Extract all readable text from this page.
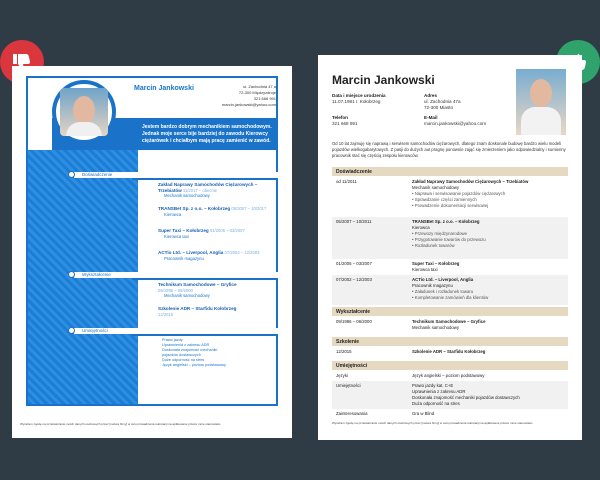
Marcin Jankowski	ul. Zachodnia 47 a
72-300 Międzyzdroje
321 668 991
marcin.jankowski@yahoo.com
Jestem bardzo dobrym mechanikiem samochodowym. Jednak moje serce bije bardziej do zawodu Kierowcy ciężarówek i chciałbym mają pracę zamienić w zawód.
Doświadczenie
Zakład Naprawy Samochodów Ciężarowych – Trzebiatów 11/2017 – obecnie
Mechanik samochodowy
TRANSBet Sp. z o.o. – Kołobrzeg 05/2007 – 10/2017
Kierowca
Super Taxi – Kołobrzeg 01/2005 – 03/2007
Kierowca taxi
ACTio Ltd. – Liverpool, Anglia 07/2002 – 12/2003
Pracownik magazynu
Wykształcenie
Technikum Samochodowe – Gryfice
09/1996 – 06/2000
Mechanik samochodowy
Szkolenie ADR – Starfidu Kołobrzeg
12/2015
Umiejętności
Prawo jazdy
Uprawnienia z zakresu ADR
Doskonała znajomość mechaniki
pojazdów dostawczych
Duże odporność na stres
Język angielski – poziom podstawowy
Wyrażam zgodę na przetwarzanie moich danych osobowych przez [nazwa firmy] w celu prowadzenia rekrutacji na aplikowane przeze mnie stanowisko.
Marcin Jankowski
Data i miejsce urodzenia
11.07.1981 r. Kołobrzeg
Adres
ul. Zachodnia 47a
72-300 Miasto
Telefon
321 668 991
E-Mail
marcin.jankowski@yahoo.com
Od 10 lat zajmuję się naprawą i serwisem samochodów ciężarowych, dlatego znam doskonale budowę bardzo wielu modeli pojazdów wielkogabarytowych. Z pasji do dużych aut pragnę ponownie zająć się zmierzeniem jako odpowiedzialny i sumienny pracownik stać się częścią zespołu kierowców.
Doświadczenie
od 11/2011	Zakład Naprawy Samochodów Ciężarowych – Trzebiatów
Mechanik samochodowy
• Naprawa i serwisowanie pojazdów ciężarowych
• Sprawdzanie części zamiennych
• Prowadzenie dokumentacji serwisowej
05/2007 – 10/2011	TRANSBet Sp. z o.o. – Kołobrzeg
Kierowca
• Przewozy międzynarodowe
• Przygotowanie towarów do przewozu
• Rozładunek towarów
01/2005 – 03/2007	Super Taxi – Kołobrzeg
Kierowca taxi
07/2002 – 12/2003	ACTio Ltd. – Liverpool, Anglia
Pracownik magazynu
• Załadunek i rozładunek towaru
• Kompletowanie zamówień dla klientów
Wykształcenie
09/1996 – 06/2000	Technikum Samochodowe – Gryfice
Mechanik samochodowy
Szkolenie
12/2015	Szkolenie ADR – Starfidu Kołobrzeg
Umiejętności
Języki	Język angielski – poziom podstawowy
Umiejętności	Prawo jazdy kat. C+E
Uprawnienia z zakresu ADR
Doskonała znajomość mechaniki pojazdów dostawczych
Duża odporność na stres
Zainteresowania	Gra w Blind
Wyrażam zgodę na przetwarzanie moich danych osobowych przez [nazwa firmy] w celu prowadzenia rekrutacji na aplikowane przeze mnie stanowisko.
